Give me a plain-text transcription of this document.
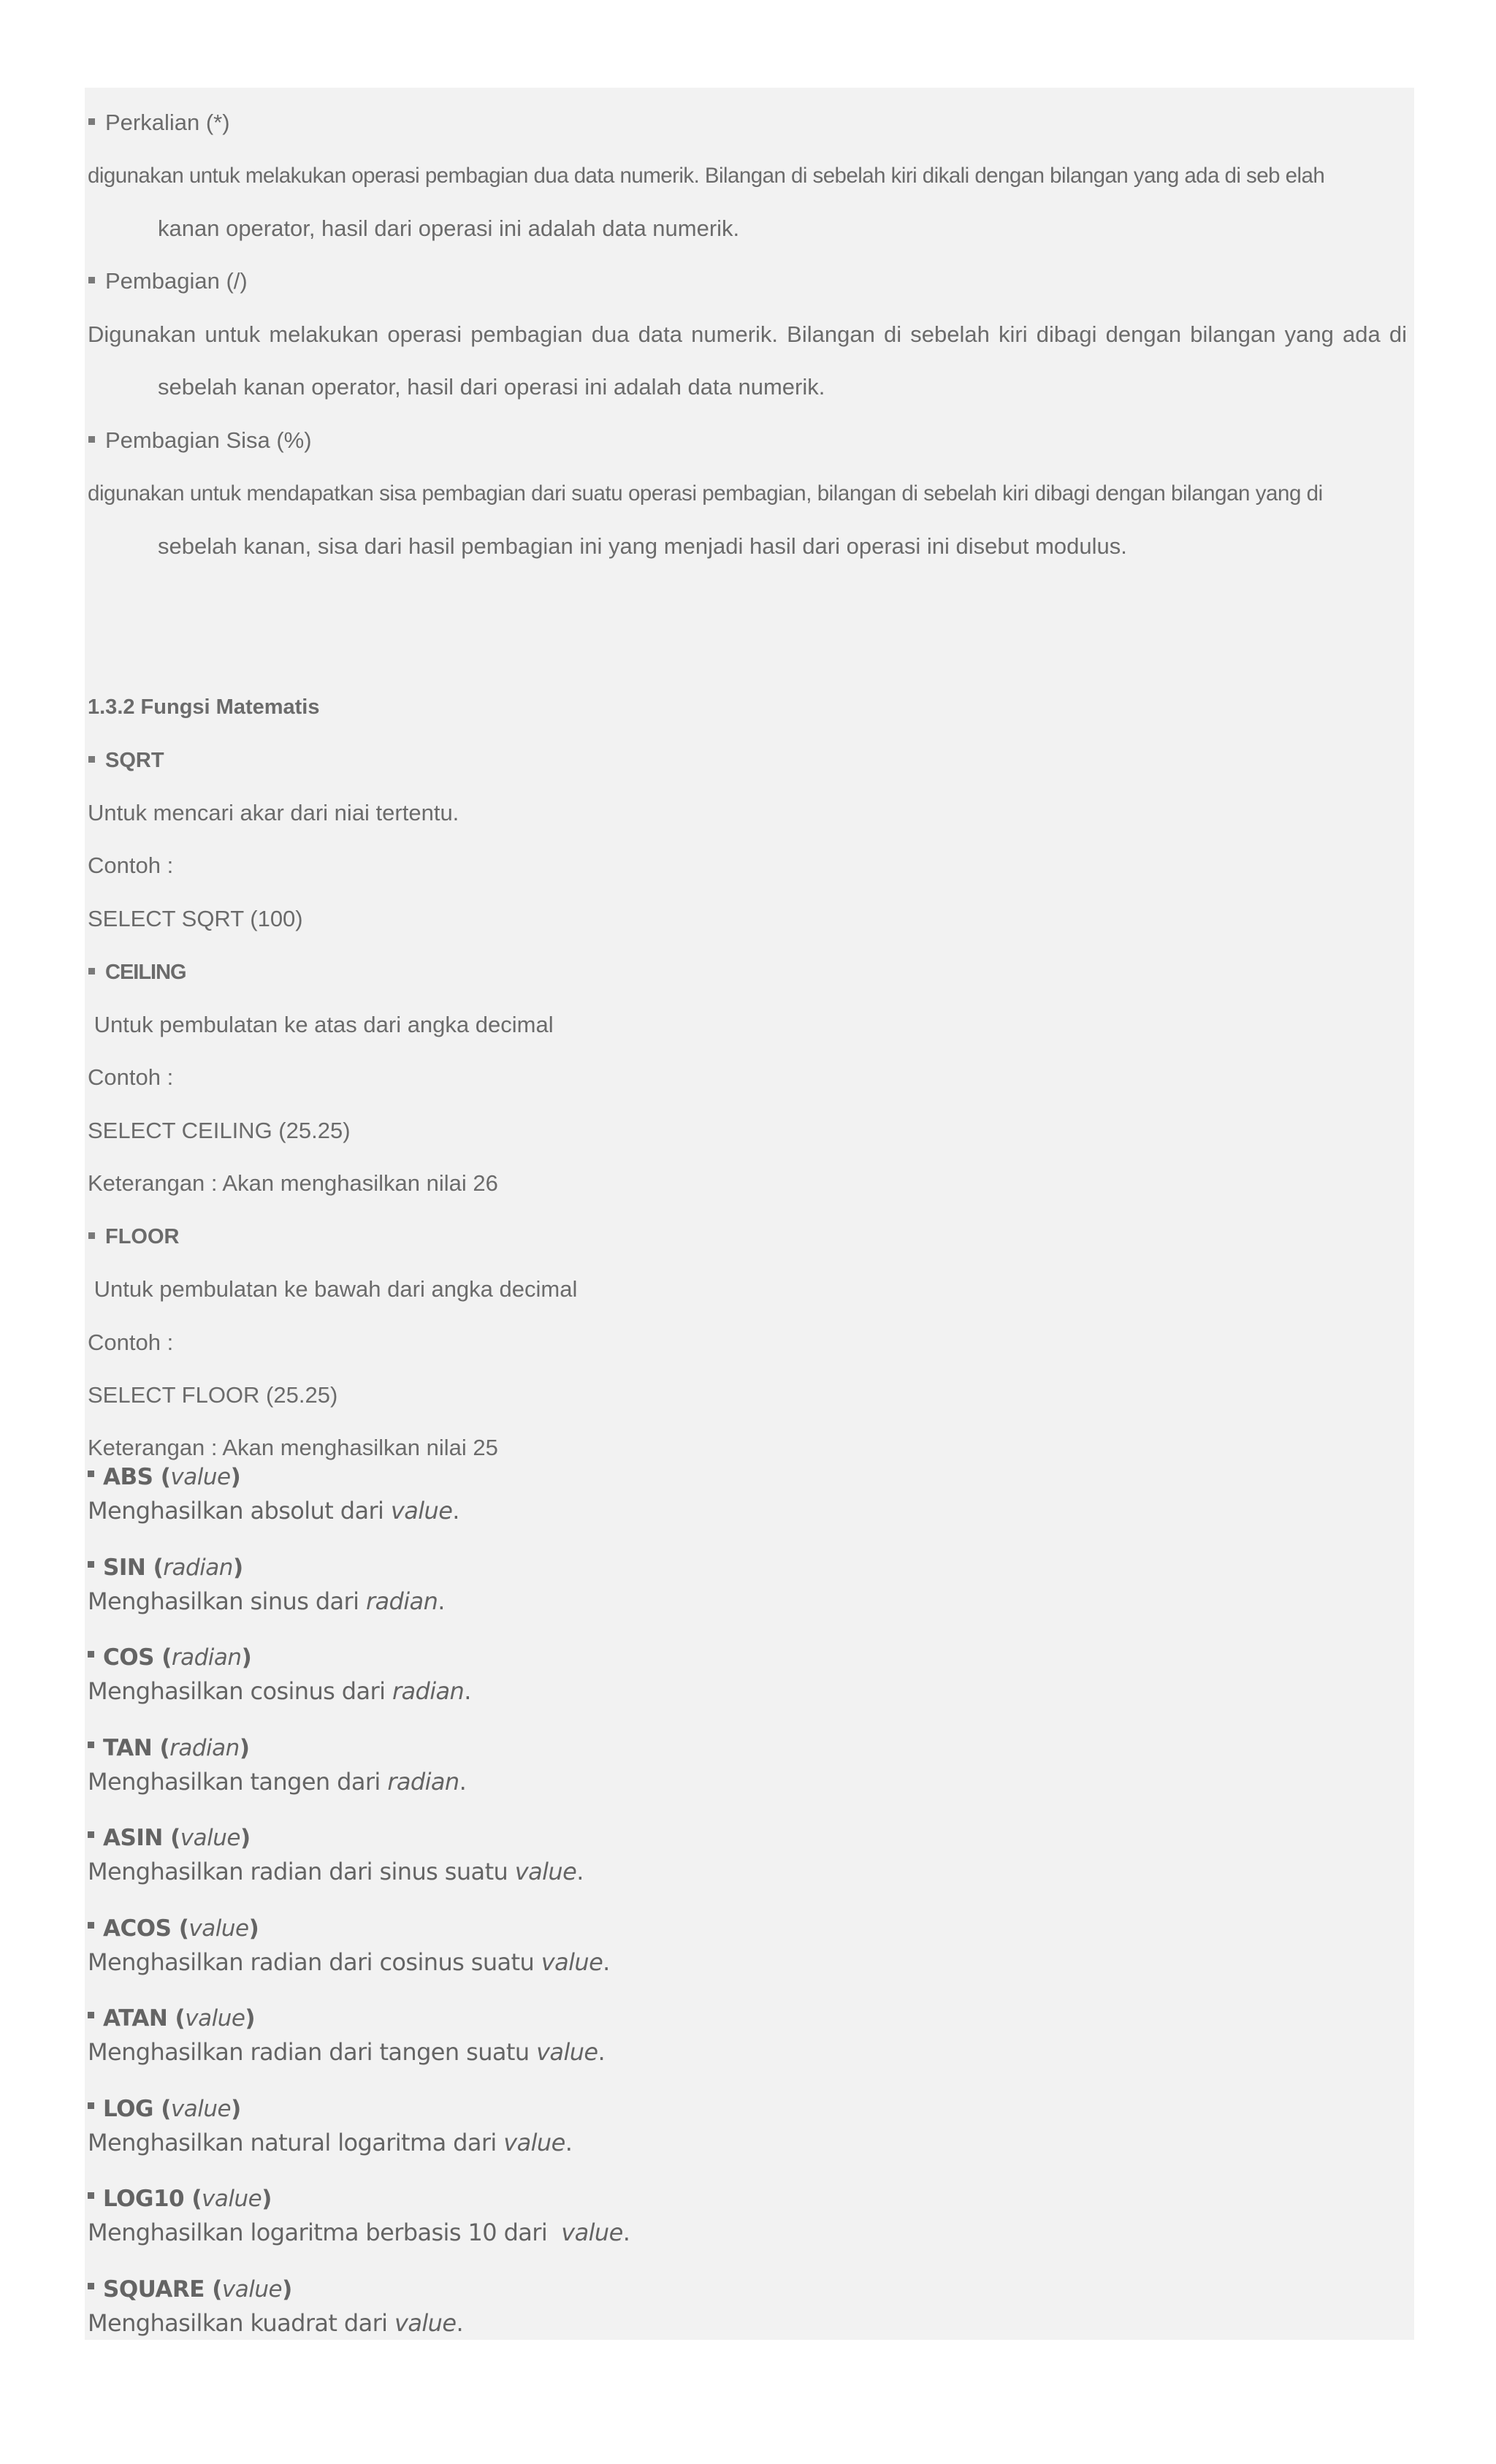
Perkalian (*)
digunakan untuk melakukan operasi pembagian dua data numerik. Bilangan di sebelah kiri dikali dengan bilangan yang ada di seb elah
kanan operator, hasil dari operasi ini adalah data numerik.
Pembagian (/)
Digunakan untuk melakukan operasi pembagian dua data numerik. Bilangan di sebelah kiri dibagi dengan bilangan yang ada di
sebelah kanan operator, hasil dari operasi ini adalah data numerik.
Pembagian Sisa (%)
digunakan untuk mendapatkan sisa pembagian dari suatu operasi pembagian, bilangan di sebelah kiri dibagi dengan bilangan yang di
sebelah kanan, sisa dari hasil pembagian ini yang menjadi hasil dari operasi ini disebut modulus.
1.3.2 Fungsi Matematis
SQRT
Untuk mencari akar dari niai tertentu.
Contoh :
SELECT SQRT (100)
CEILING
Untuk pembulatan ke atas dari angka decimal
Contoh :
SELECT CEILING (25.25)
Keterangan : Akan menghasilkan nilai 26
FLOOR
Untuk pembulatan ke bawah dari angka decimal
Contoh :
SELECT FLOOR (25.25)
Keterangan : Akan menghasilkan nilai 25
ABS (value)
Menghasilkan absolut dari value.
SIN (radian)
Menghasilkan sinus dari radian.
COS (radian)
Menghasilkan cosinus dari radian.
TAN (radian)
Menghasilkan tangen dari radian.
ASIN (value)
Menghasilkan radian dari sinus suatu value.
ACOS (value)
Menghasilkan radian dari cosinus suatu value.
ATAN (value)
Menghasilkan radian dari tangen suatu value.
LOG (value)
Menghasilkan natural logaritma dari value.
LOG10 (value)
Menghasilkan logaritma berbasis 10 dari  value.
SQUARE (value)
Menghasilkan kuadrat dari value.
